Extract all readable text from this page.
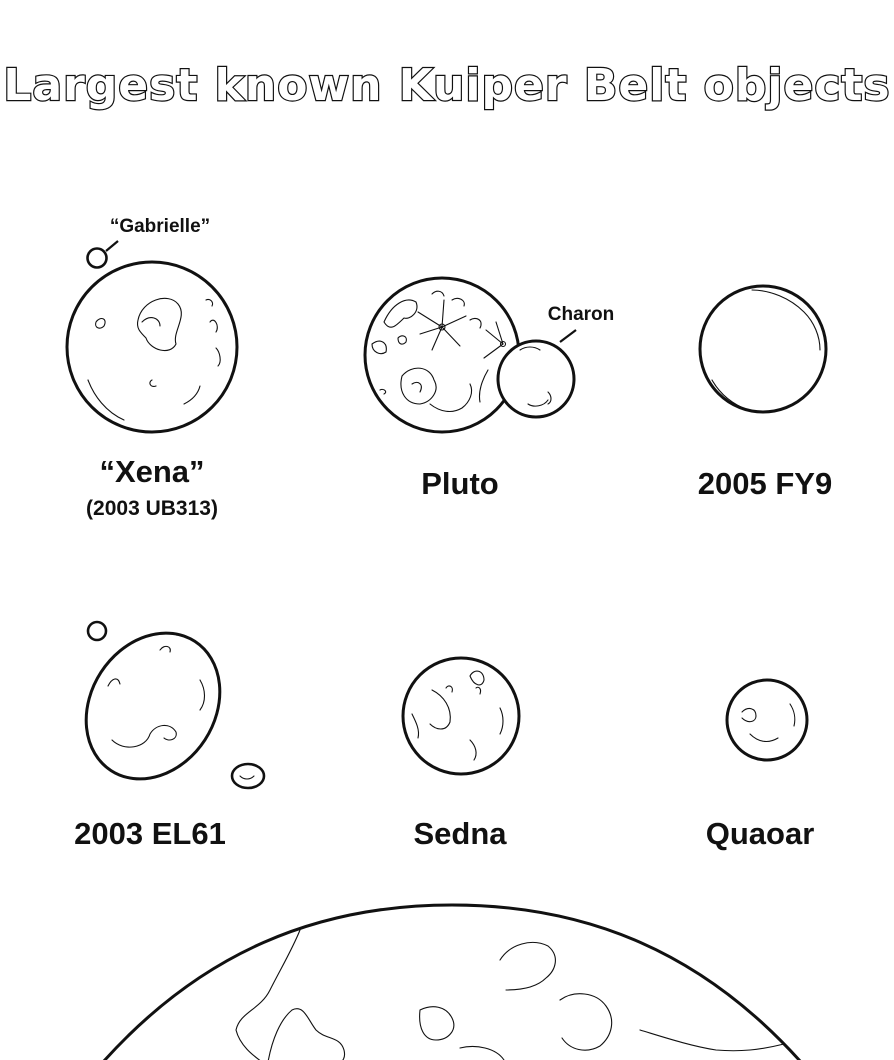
Largest known Kuiper Belt objects
“Gabrielle”
“Xena”
(2003 UB313)
Charon
Pluto	2005 FY9
2003 EL61	Sedna	Quaoar
